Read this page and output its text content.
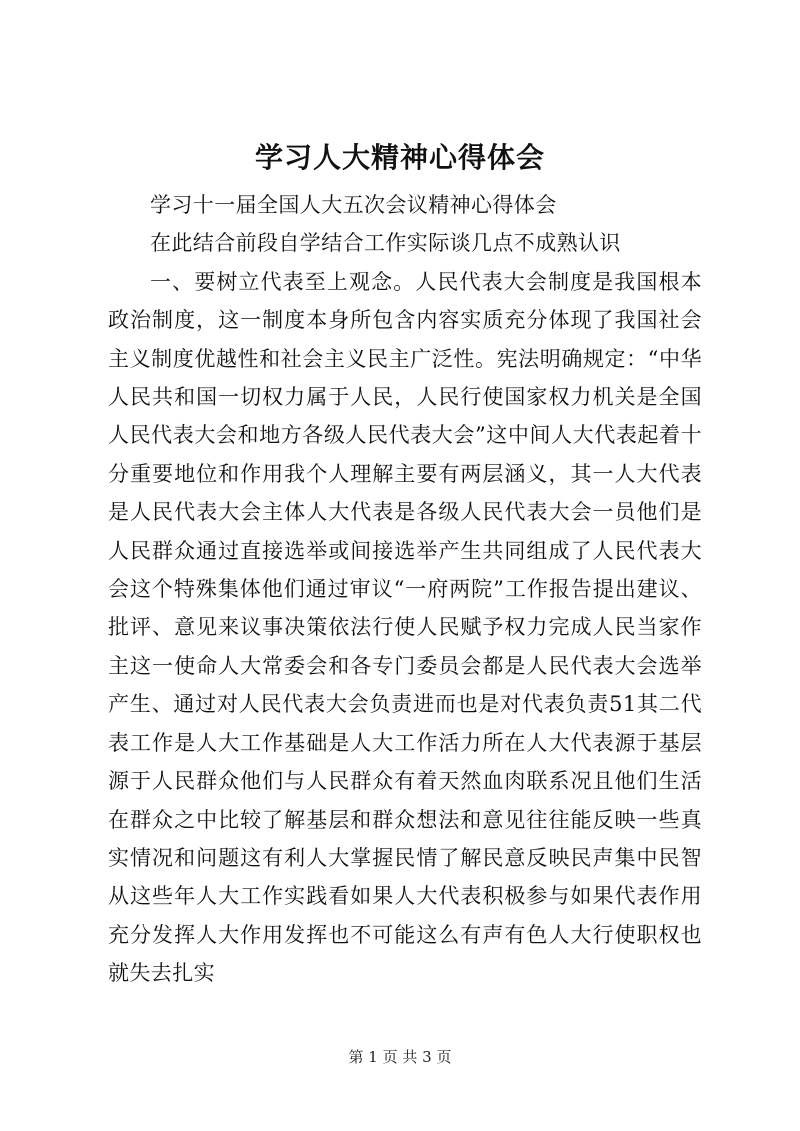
学习人大精神心得体会

学习十一届全国人大五次会议精神心得体会

在此结合前段自学结合工作实际谈几点不成熟认识

一、要树立代表至上观念。人民代表大会制度是我国根本政治制度，这一制度本身所包含内容实质充分体现了我国社会主义制度优越性和社会主义民主广泛性。宪法明确规定：“中华人民共和国一切权力属于人民，人民行使国家权力机关是全国人民代表大会和地方各级人民代表大会”这中间人大代表起着十分重要地位和作用我个人理解主要有两层涵义，其一人大代表是人民代表大会主体人大代表是各级人民代表大会一员他们是人民群众通过直接选举或间接选举产生共同组成了人民代表大会这个特殊集体他们通过审议“一府两院”工作报告提出建议、批评、意见来议事决策依法行使人民赋予权力完成人民当家作主这一使命人大常委会和各专门委员会都是人民代表大会选举产生、通过对人民代表大会负责进而也是对代表负责51其二代表工作是人大工作基础是人大工作活力所在人大代表源于基层源于人民群众他们与人民群众有着天然血肉联系况且他们生活在群众之中比较了解基层和群众想法和意见往往能反映一些真实情况和问题这有利人大掌握民情了解民意反映民声集中民智从这些年人大工作实践看如果人大代表积极参与如果代表作用充分发挥人大作用发挥也不可能这么有声有色人大行使职权也就失去扎实

第 1 页 共 3 页
